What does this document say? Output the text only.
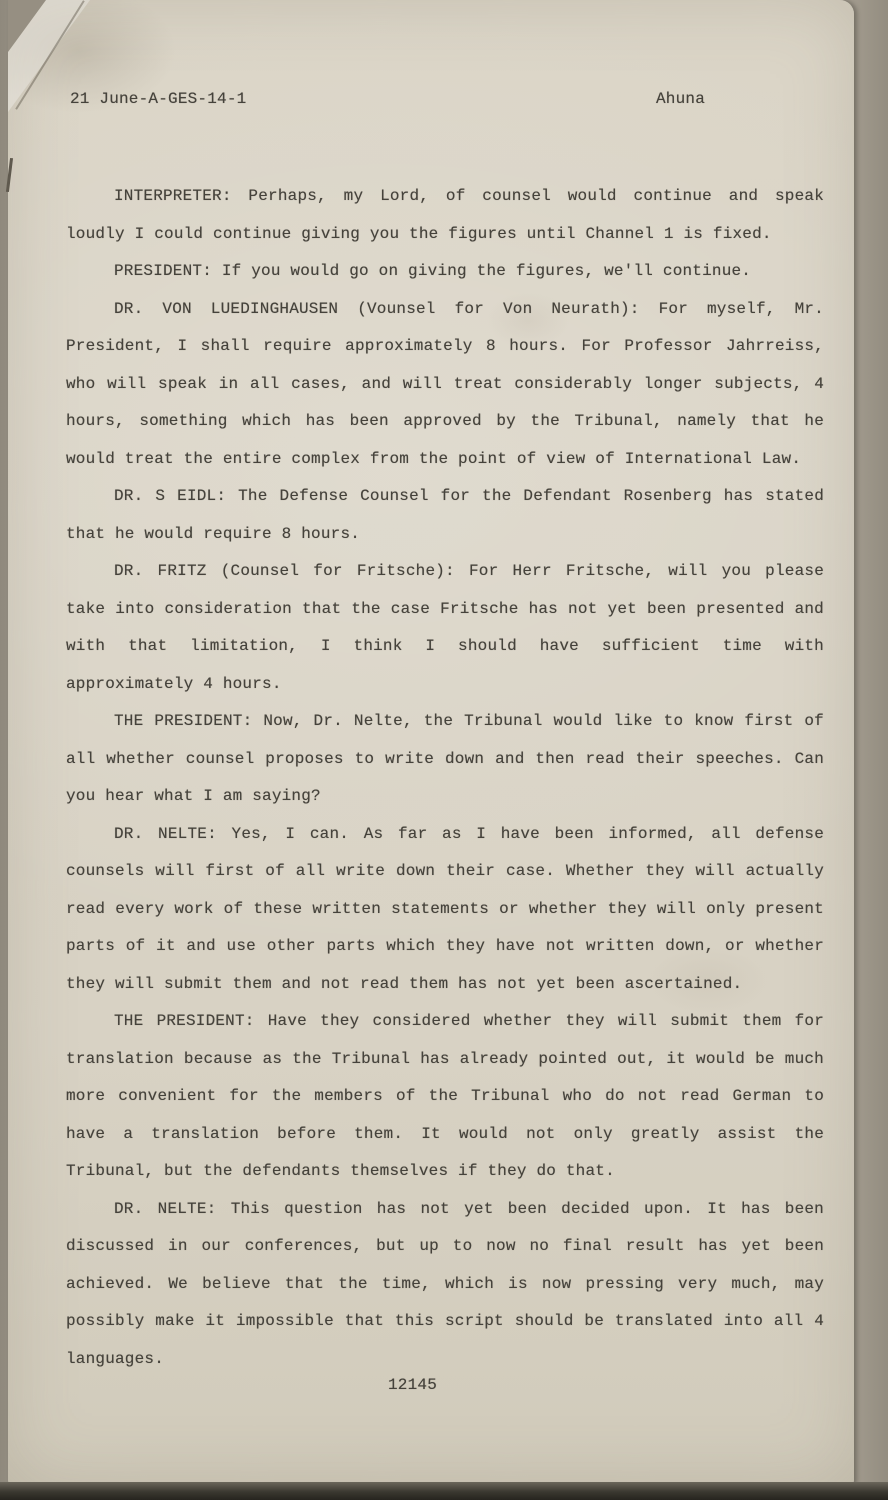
21 June-A-GES-14-1	Ahuna

INTERPRETER: Perhaps, my Lord, of counsel would continue and speak loudly I could continue giving you the figures until Channel 1 is fixed.

PRESIDENT: If you would go on giving the figures, we'll continue.

DR. VON LUEDINGHAUSEN (Vounsel for Von Neurath): For myself, Mr. President, I shall require approximately 8 hours. For Professor Jahrreiss, who will speak in all cases, and will treat considerably longer subjects, 4 hours, something which has been approved by the Tribunal, namely that he would treat the entire complex from the point of view of International Law.

DR. S EIDL: The Defense Counsel for the Defendant Rosenberg has stated that he would require 8 hours.

DR. FRITZ (Counsel for Fritsche): For Herr Fritsche, will you please take into consideration that the case Fritsche has not yet been presented and with that limitation, I think I should have sufficient time with approximately 4 hours.

THE PRESIDENT: Now, Dr. Nelte, the Tribunal would like to know first of all whether counsel proposes to write down and then read their speeches. Can you hear what I am saying?

DR. NELTE: Yes, I can. As far as I have been informed, all defense counsels will first of all write down their case. Whether they will actually read every work of these written statements or whether they will only present parts of it and use other parts which they have not written down, or whether they will submit them and not read them has not yet been ascertained.

THE PRESIDENT: Have they considered whether they will submit them for translation because as the Tribunal has already pointed out, it would be much more convenient for the members of the Tribunal who do not read German to have a translation before them. It would not only greatly assist the Tribunal, but the defendants themselves if they do that.

DR. NELTE: This question has not yet been decided upon. It has been discussed in our conferences, but up to now no final result has yet been achieved. We believe that the time, which is now pressing very much, may possibly make it impossible that this script should be translated into all 4 languages.

12145
